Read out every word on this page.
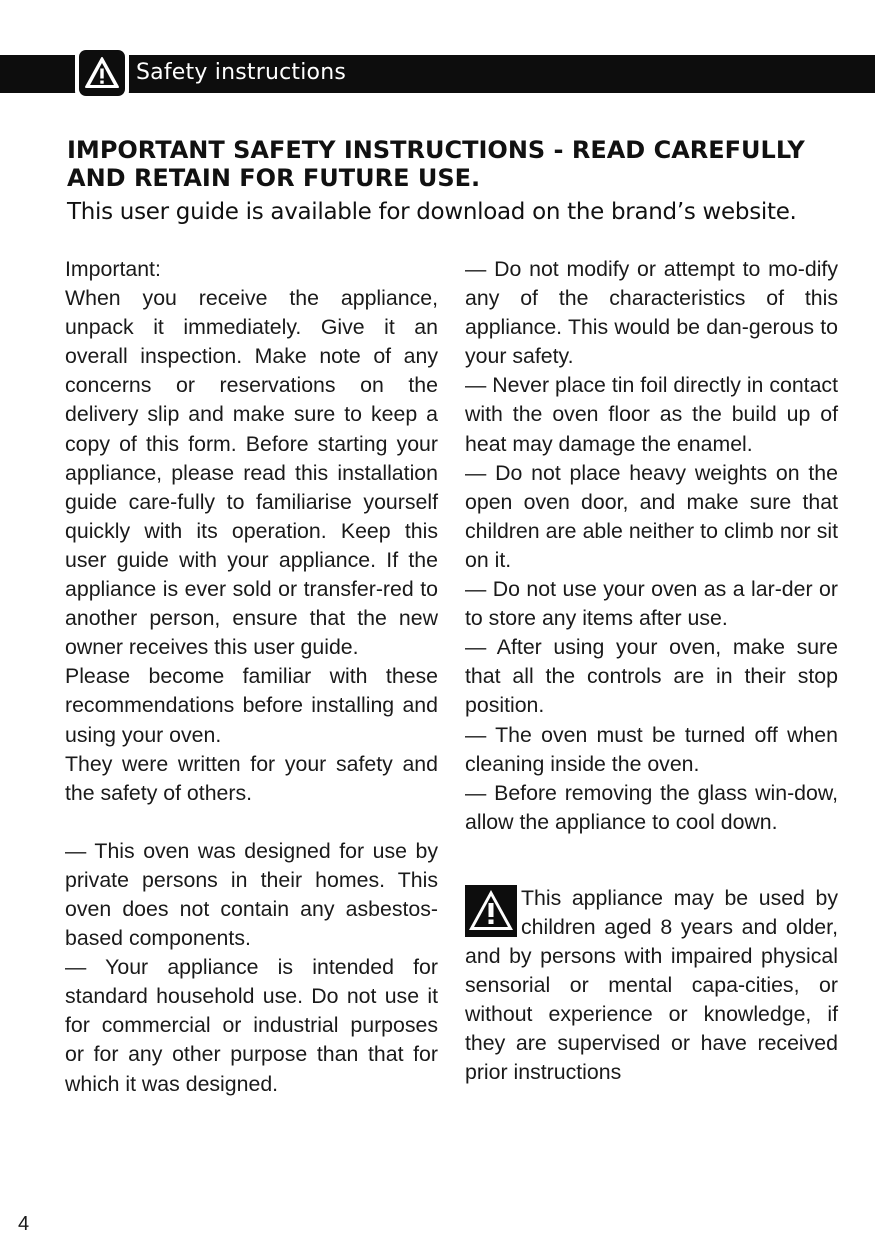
Safety instructions
IMPORTANT SAFETY INSTRUCTIONS - READ CAREFULLY
AND RETAIN FOR FUTURE USE.
This user guide is available for download on the brand’s website.

Important:

When you receive the appliance, unpack it immediately. Give it an overall inspection. Make note of any concerns or reservations on the delivery slip and make sure to keep a copy of this form. Before starting your appliance, please read this installation guide care-fully to familiarise yourself quickly with its operation. Keep this user guide with your appliance. If the appliance is ever sold or transfer-red to another person, ensure that the new owner receives this user guide.

Please become familiar with these recommendations before installing and using your oven.

They were written for your safety and the safety of others.

— This oven was designed for use by private persons in their homes. This oven does not contain any asbestos-based components.

— Your appliance is intended for standard household use. Do not use it for commercial or industrial purposes or for any other purpose than that for which it was designed.

— Do not modify or attempt to mo-dify any of the characteristics of this appliance. This would be dan-gerous to your safety.

— Never place tin foil directly in contact with the oven floor as the build up of heat may damage the enamel.

— Do not place heavy weights on the open oven door, and make sure that children are able neither to climb nor sit on it.

— Do not use your oven as a lar-der or to store any items after use.

— After using your oven, make sure that all the controls are in their stop position.

— The oven must be turned off when cleaning inside the oven.

— Before removing the glass win-dow, allow the appliance to cool down.

This appliance may be used by children aged 8 years and older, and by persons with impaired physical sensorial or mental capa-cities, or without experience or knowledge, if they are supervised or have received prior instructions

4
